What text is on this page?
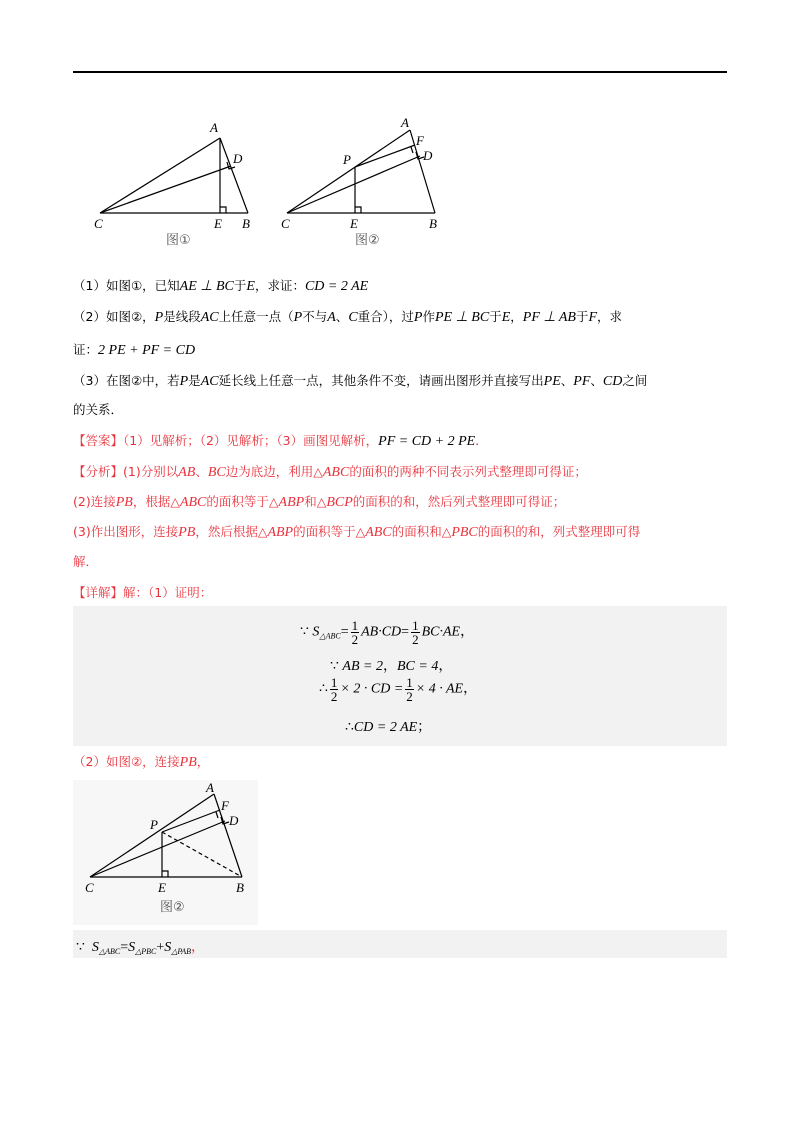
A
D
C	E B
图①
A
F
D
P
C	E	B
图②
（1）如图①，已知AE ⊥ BC于E，求证：CD = 2 AE
（2）如图②，P是线段AC上任意一点（P不与A、C重合），过P作PE ⊥ BC于E，PF ⊥ AB于F，求
证：2 PE + PF = CD
（3）在图②中，若P是AC延长线上任意一点，其他条件不变，请画出图形并直接写出PE、PF、CD之间
的关系．
【答案】（1）见解析；（2）见解析；（3）画图见解析，PF = CD + 2 PE．
【分析】(1)分别以AB、BC边为底边，利用△ABC的面积的两种不同表示列式整理即可得证；
(2)连接PB，根据△ABC的面积等于△ABP和△BCP的面积的和，然后列式整理即可得证；
(3)作出图形，连接PB，然后根据△ABP的面积等于△ABC的面积和△PBC的面积的和，列式整理即可得
解．
【详解】解：（1）证明：
∵ $S_{\triangle ABC}= \frac{1}{2} AB\cdot CD= \frac{1}{2} BC\cdot AE$，
∵ AB = 2，BC = 4，
∴ $\frac{1}{2} \times 2$ · CD = $\frac{1}{2} \times 4$ · AE，
∴CD = 2 AE；
（2）如图②，连接PB，
A
F
D
P
C	E	B
图②
∵ $S_{\triangle ABC}=S_{\triangle PBC}+S_{\triangle PAB}$，
